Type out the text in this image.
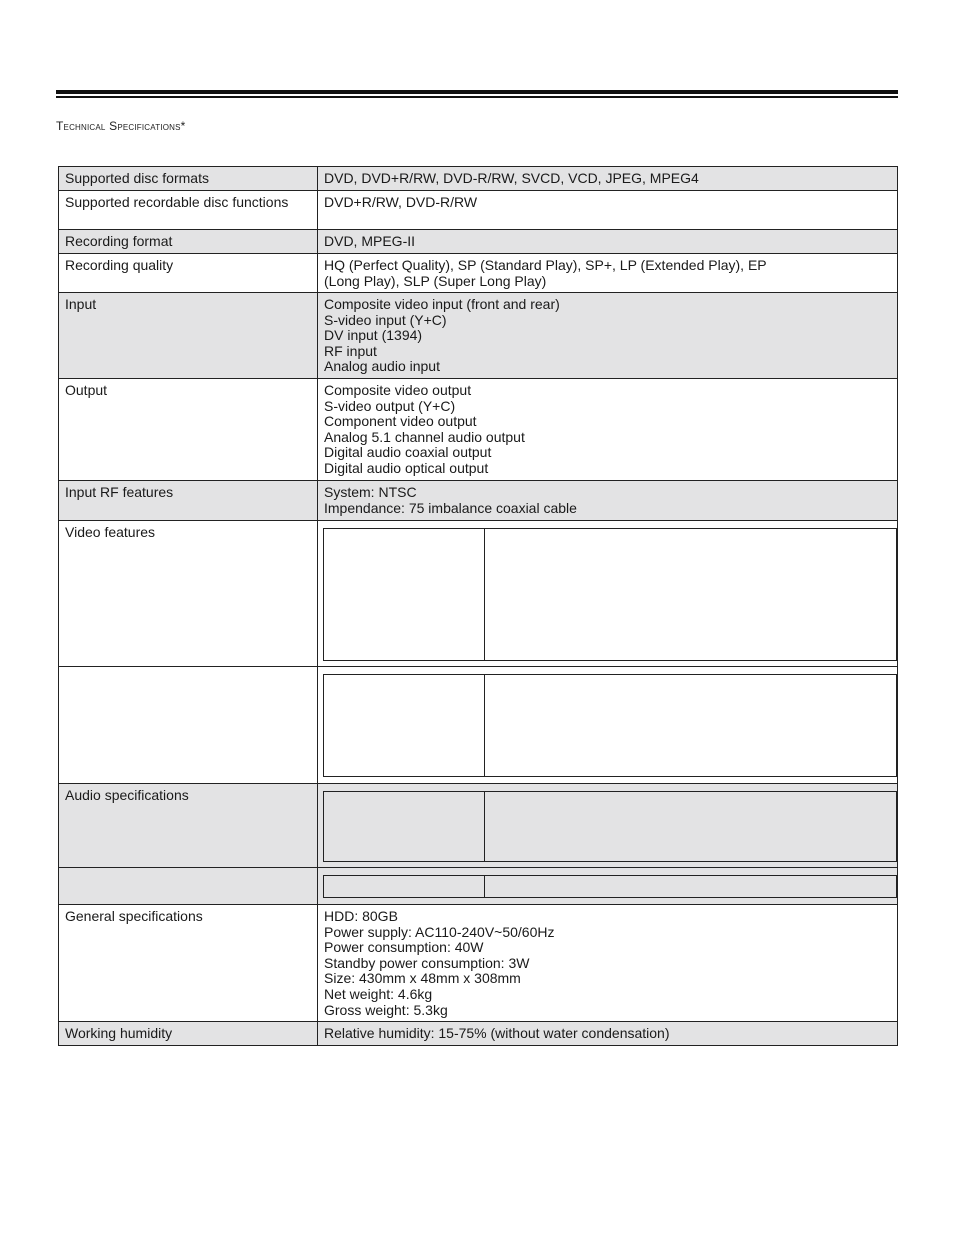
Technical Specifications*
Supported disc formats	DVD, DVD+R/RW, DVD-R/RW, SVCD, VCD, JPEG, MPEG4
Supported recordable disc functions	DVD+R/RW, DVD-R/RW
Recording format	DVD, MPEG-II
Recording quality	HQ (Perfect Quality), SP (Standard Play), SP+, LP (Extended Play), EP (Long Play), SLP (Super Long Play)
Input	Composite video input (front and rear)
S-video input (Y+C)
DV input (1394)
RF input
Analog audio input

Output	Composite video output
S-video output (Y+C)
Component video output
Analog 5.1 channel audio output
Digital audio coaxial output
Digital audio optical output

Input RF features	System: NTSC
Impendance: 75 imbalance coaxial cable

Video features	

Audio specifications	

General specifications	HDD: 80GB
Power supply: AC110-240V~50/60Hz
Power consumption: 40W
Standby power consumption: 3W
Size: 430mm x 48mm x 308mm
Net weight: 4.6kg
Gross weight: 5.3kg

Working humidity	Relative humidity: 15-75% (without water condensation)
